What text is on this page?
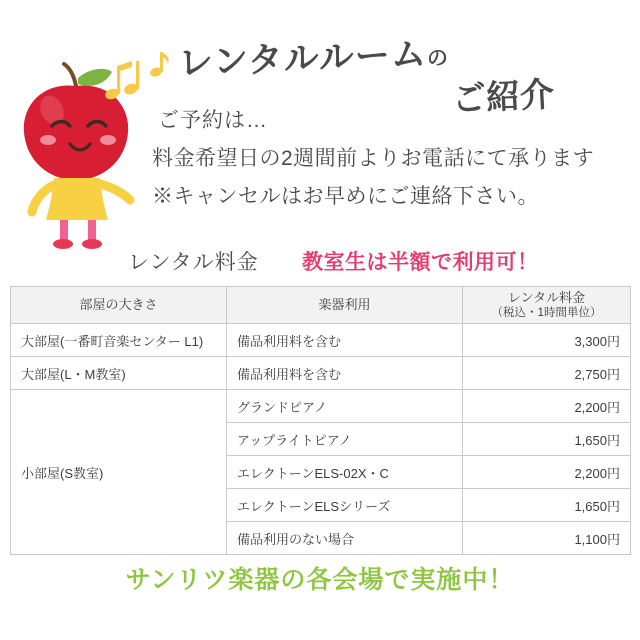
レンタルルームの
ご紹介
ご予約は…
料金希望日の2週間前よりお電話にて承ります
※キャンセルはお早めにご連絡下さい。
レンタル料金 教室生は半額で利用可！
部屋の大きさ	楽器利用	レンタル料金
（税込・1時間単位）

大部屋(一番町音楽センター L1)	備品利用料を含む	3,300円
大部屋(L・M教室)	備品利用料を含む	2,750円
小部屋(S教室)	グランドピアノ	2,200円
	アップライトピアノ	1,650円
	エレクトーンELS-02X・C	2,200円
	エレクトーンELSシリーズ	1,650円
	備品利用のない場合	1,100円
サンリツ楽器の各会場で実施中！
